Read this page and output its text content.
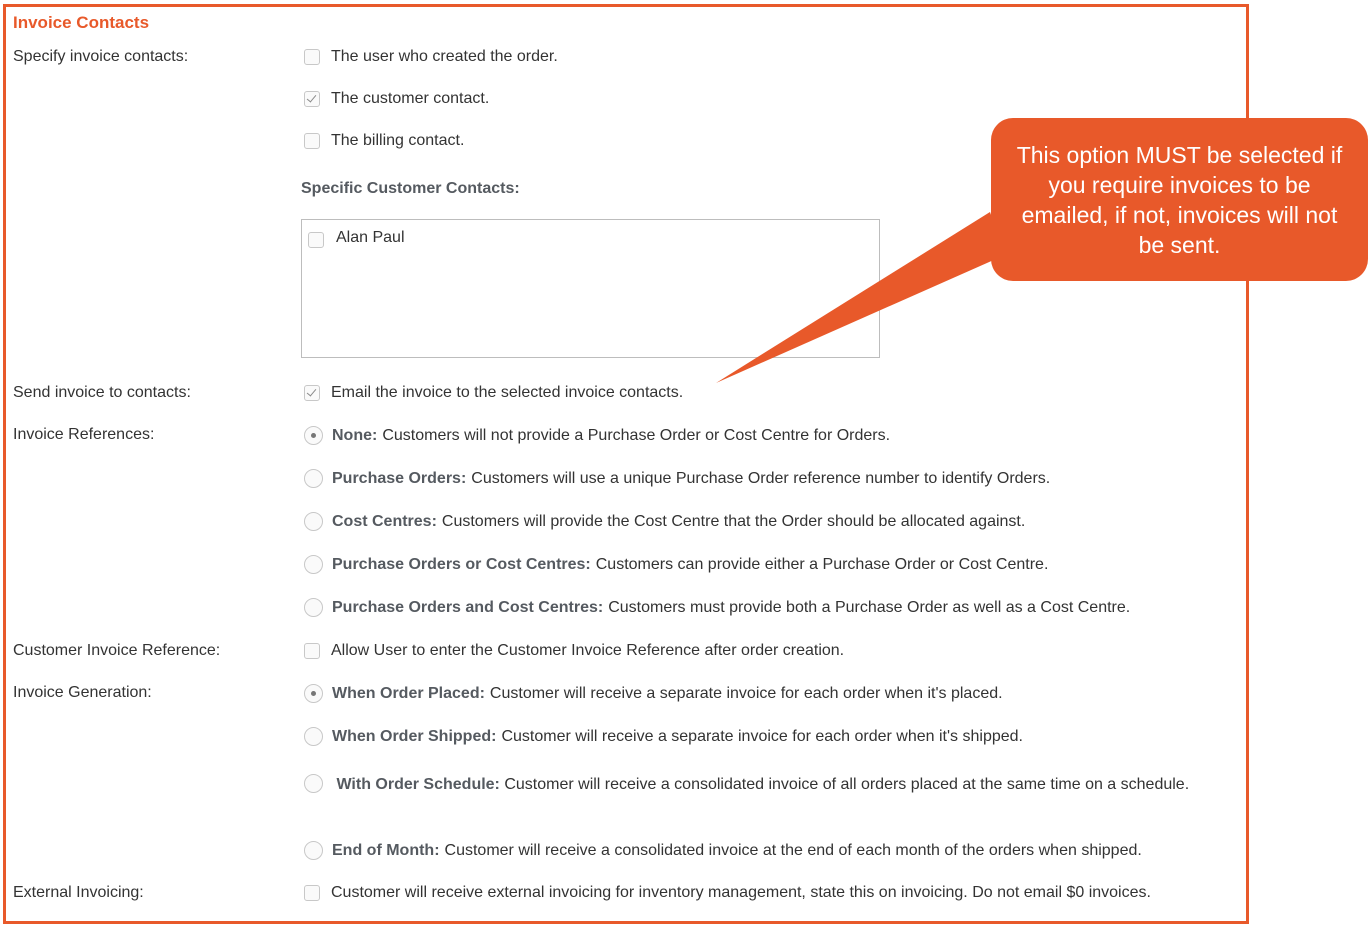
Invoice Contacts
Specify invoice contacts:	The user who created the order.
The customer contact.
The billing contact.
Specific Customer Contacts:
Alan Paul
Send invoice to contacts:	Email the invoice to the selected invoice contacts.
Invoice References:	None: Customers will not provide a Purchase Order or Cost Centre for Orders.
Purchase Orders: Customers will use a unique Purchase Order reference number to identify Orders.
Cost Centres: Customers will provide the Cost Centre that the Order should be allocated against.
Purchase Orders or Cost Centres: Customers can provide either a Purchase Order or Cost Centre.
Purchase Orders and Cost Centres: Customers must provide both a Purchase Order as well as a Cost Centre.
Customer Invoice Reference:	Allow User to enter the Customer Invoice Reference after order creation.
Invoice Generation:	When Order Placed: Customer will receive a separate invoice for each order when it's placed.
When Order Shipped: Customer will receive a separate invoice for each order when it's shipped.
With Order Schedule: Customer will receive a consolidated invoice of all orders placed at the same time on a schedule.
End of Month: Customer will receive a consolidated invoice at the end of each month of the orders when shipped.
External Invoicing:	Customer will receive external invoicing for inventory management, state this on invoicing. Do not email $0 invoices.
This option MUST be selected if you require invoices to be emailed, if not, invoices will not be sent.
